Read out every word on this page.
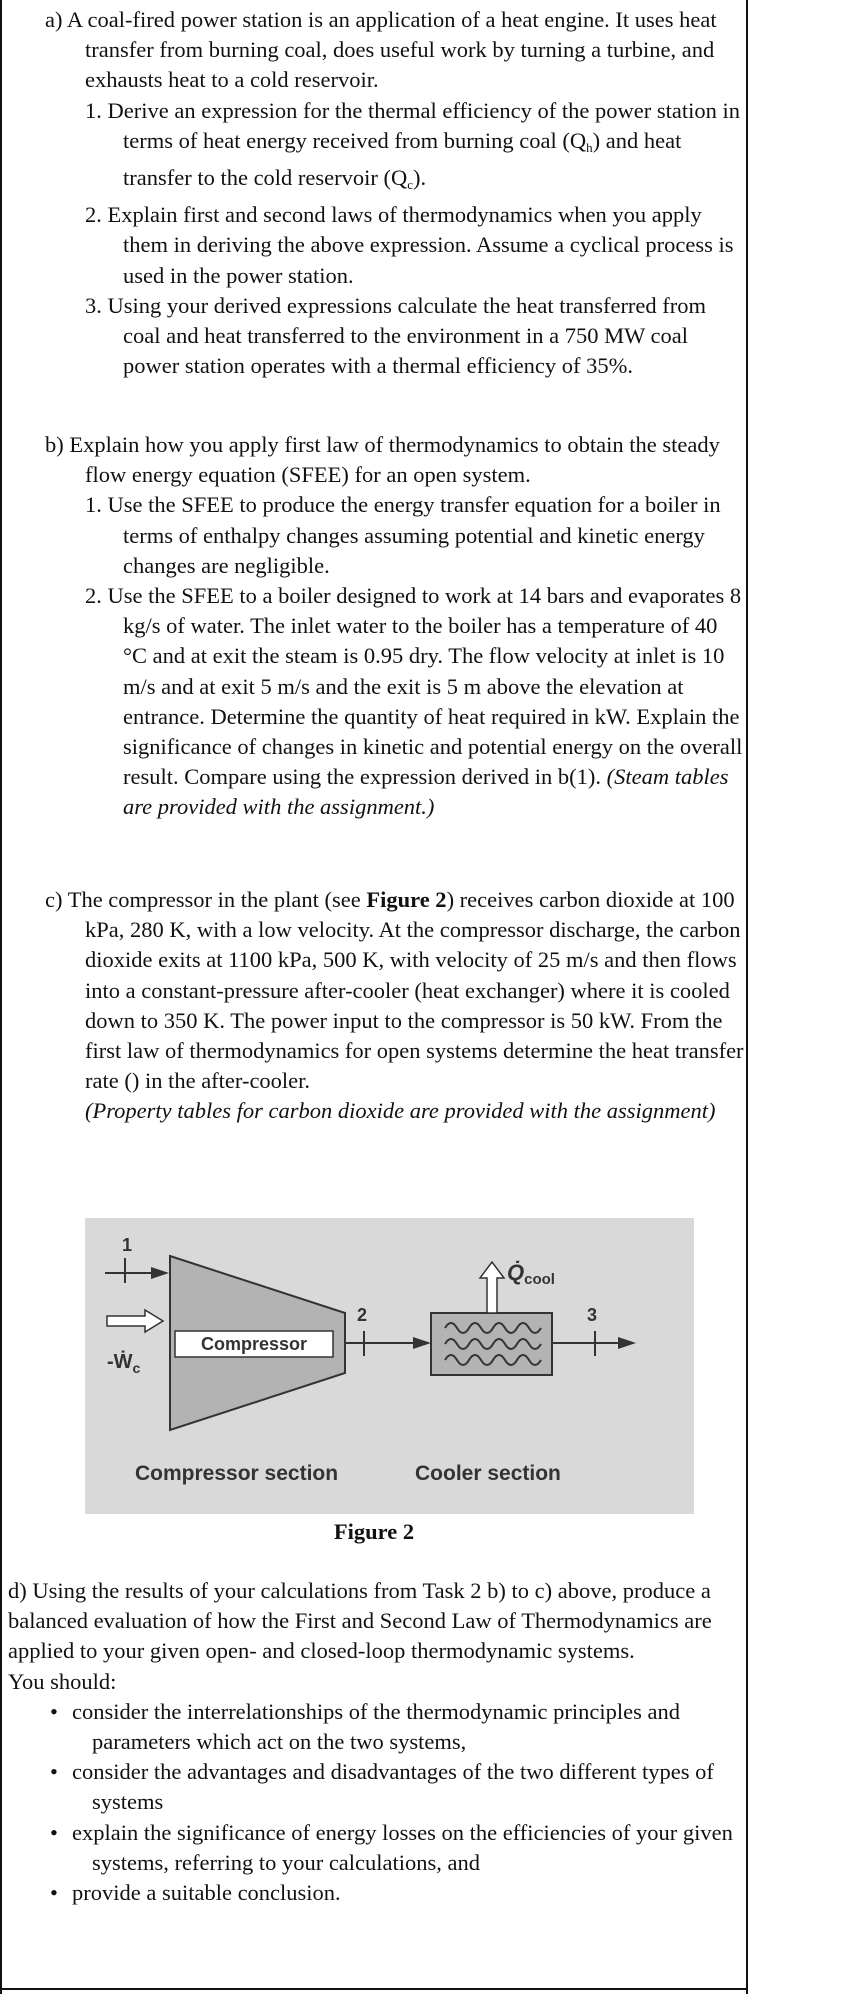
a) A coal-fired power station is an application of a heat engine. It uses heat transfer from burning coal, does useful work by turning a turbine, and exhausts heat to a cold reservoir.

1. Derive an expression for the thermal efficiency of the power station in terms of heat energy received from burning coal $(Q_h)$ and heat transfer to the cold reservoir $(Q_c)$.

2. Explain first and second laws of thermodynamics when you apply them in deriving the above expression. Assume a cyclical process is used in the power station.

3. Using your derived expressions calculate the heat transferred from coal and heat transferred to the environment in a 750 MW coal power station operates with a thermal efficiency of 35%.

b) Explain how you apply first law of thermodynamics to obtain the steady flow energy equation (SFEE) for an open system.

1. Use the SFEE to produce the energy transfer equation for a boiler in terms of enthalpy changes assuming potential and kinetic energy changes are negligible.

2. Use the SFEE to a boiler designed to work at 14 bars and evaporates 8 kg/s of water. The inlet water to the boiler has a temperature of 40 °C and at exit the steam is 0.95 dry. The flow velocity at inlet is 10 m/s and at exit 5 m/s and the exit is 5 m above the elevation at entrance. Determine the quantity of heat required in kW. Explain the significance of changes in kinetic and potential energy on the overall result. Compare using the expression derived in b(1). (Steam tables are provided with the assignment.)

c) The compressor in the plant (see Figure 2) receives carbon dioxide at 100 kPa, 280 K, with a low velocity. At the compressor discharge, the carbon dioxide exits at 1100 kPa, 500 K, with velocity of 25 m/s and then flows into a constant-pressure after-cooler (heat exchanger) where it is cooled down to 350 K. The power input to the compressor is 50 kW. From the first law of thermodynamics for open systems determine the heat transfer rate () in the after-cooler.

(Property tables for carbon dioxide are provided with the assignment)

1
-Ẇ$_c$
Compressor
2
Q̇cool
3
Compressor section	Cooler section
Figure 2

d) Using the results of your calculations from Task 2 b) to c) above, produce a balanced evaluation of how the First and Second Law of Thermodynamics are applied to your given open- and closed-loop thermodynamic systems.

You should:

• consider the interrelationships of the thermodynamic principles and parameters which act on the two systems,
• consider the advantages and disadvantages of the two different types of systems
• explain the significance of energy losses on the efficiencies of your given systems, referring to your calculations, and
• provide a suitable conclusion.
